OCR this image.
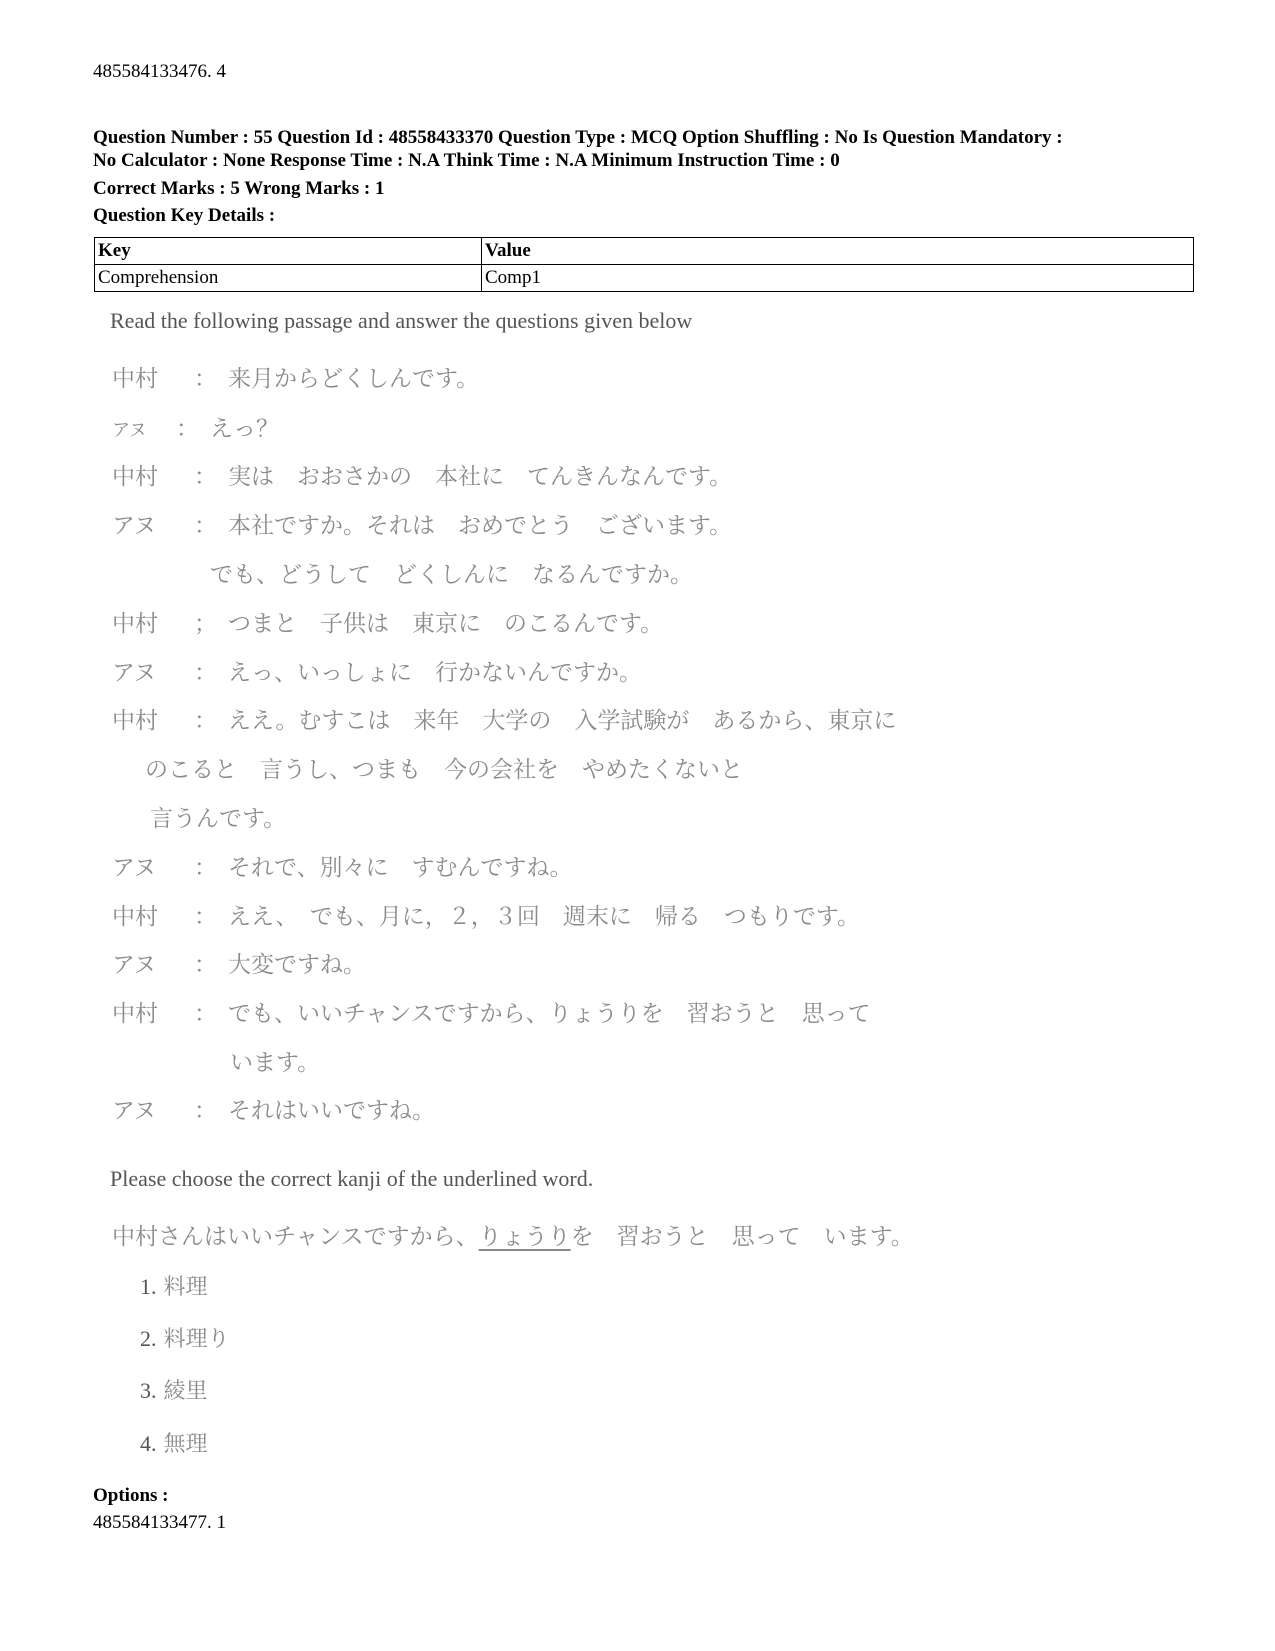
485584133476. 4
Question Number : 55 Question Id : 48558433370 Question Type : MCQ Option Shuffling : No Is Question Mandatory :
No Calculator : None Response Time : N.A Think Time : N.A Minimum Instruction Time : 0
Correct Marks : 5 Wrong Marks : 1
Question Key Details :
Key	Value
Comprehension	Comp1
Read the following passage and answer the questions given below
中村 ： 来月からどくしんです。
アヌ ： えっ？
中村 ： 実は　おおさかの　本社に　てんきんなんです。
アヌ ： 本社ですか。それは　おめでとう　ございます。
でも、どうして　どくしんに　なるんですか。
中村 ； つまと　子供は　東京に　のこるんです。
アヌ ： えっ、いっしょに　行かないんですか。
中村 ： ええ。むすこは　来年　大学の　入学試験が　あるから、東京に
のこると　言うし、つまも　今の会社を　やめたくないと
言うんです。
アヌ ： それで、別々に　すむんですね。
中村 ： ええ、　でも、月に，２，３回　週末に　帰る　つもりです。
アヌ ： 大変ですね。
中村 ： でも、いいチャンスですから、りょうりを　習おうと　思って
います。
アヌ ： それはいいですね。
Please choose the correct kanji of the underlined word.
中村さんはいいチャンスですから、りょうりを　習おうと　思って　います。
1. 料理
2. 料理り
3. 綾里
4. 無理
Options :
485584133477. 1
